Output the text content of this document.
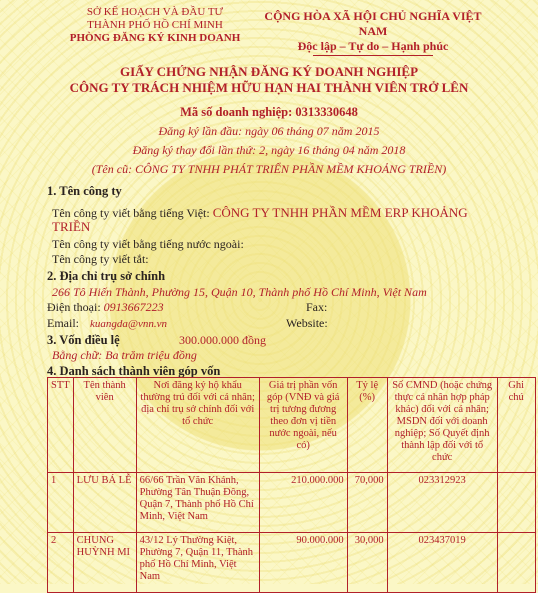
SỞ KẾ HOẠCH VÀ ĐẦU TƯ
THÀNH PHỐ HỒ CHÍ MINH
PHÒNG ĐĂNG KÝ KINH DOANH
CỘNG HÒA XÃ HỘI CHỦ NGHĨA VIỆT NAM
Độc lập – Tự do – Hạnh phúc
GIẤY CHỨNG NHẬN ĐĂNG KÝ DOANH NGHIỆP
CÔNG TY TRÁCH NHIỆM HỮU HẠN HAI THÀNH VIÊN TRỞ LÊN
Mã số doanh nghiệp: 0313330648
Đăng ký lần đầu: ngày 06 tháng 07 năm 2015
Đăng ký thay đổi lần thứ: 2, ngày 16 tháng 04 năm 2018
(Tên cũ: CÔNG TY TNHH PHÁT TRIỂN PHẦN MỀM KHOẢNG TRIỀN)
1. Tên công ty
Tên công ty viết bằng tiếng Việt: CÔNG TY TNHH PHẦN MỀM ERP KHOẢNG
TRIỀN
Tên công ty viết bằng tiếng nước ngoài:
Tên công ty viết tắt:
2. Địa chỉ trụ sở chính
266 Tô Hiến Thành, Phường 15, Quận 10, Thành phố Hồ Chí Minh, Việt Nam
Điện thoại: 0913667223	Fax:
Email: kuangda@vnn.vn	Website:
3. Vốn điều lệ	300.000.000 đồng
Bằng chữ: Ba trăm triệu đồng
4. Danh sách thành viên góp vốn
STT	Tên thành viên	Nơi đăng ký hộ khẩu thường trú đối với cá nhân; địa chỉ trụ sở chính đối với tổ chức	Giá trị phần vốn góp (VNĐ và giá trị tương đương theo đơn vị tiền nước ngoài, nếu có)	Tỷ lệ (%)	Số CMND (hoặc chứng thực cá nhân hợp pháp khác) đối với cá nhân; MSDN đối với doanh nghiệp; Số Quyết định thành lập đối với tổ chức	Ghi chú
1	LƯU BÁ LỄ	66/66 Trần Văn Khánh, Phường Tân Thuận Đông, Quận 7, Thành phố Hồ Chí Minh, Việt Nam	210.000.000	70,000	023312923	
2	CHUNG HUỲNH MI	43/12 Lý Thường Kiệt, Phường 7, Quận 11, Thành phố Hồ Chí Minh, Việt Nam	90.000.000	30,000	023437019	
